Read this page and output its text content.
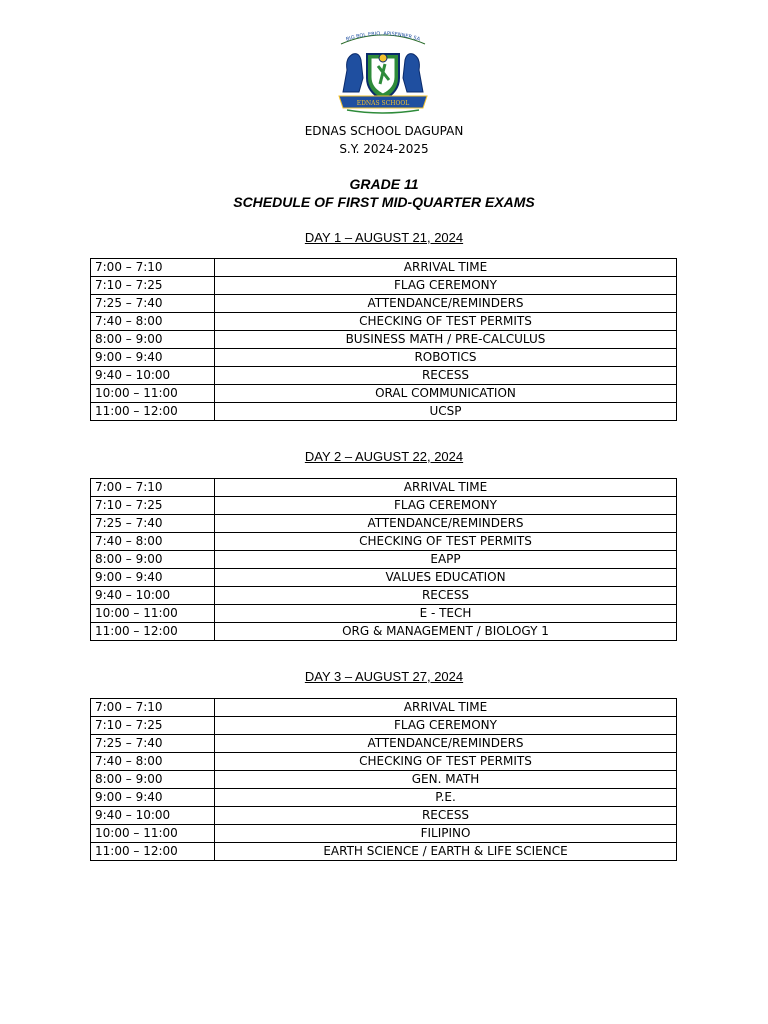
BIG BOI, ERIO, APISENNER SA
EDNAS SCHOOL
EDNAS SCHOOL DAGUPAN
S.Y. 2024-2025
GRADE 11
SCHEDULE OF FIRST MID-QUARTER EXAMS
DAY 1 – AUGUST 21, 2024
7:00 – 7:10	ARRIVAL TIME
7:10 – 7:25	FLAG CEREMONY
7:25 – 7:40	ATTENDANCE/REMINDERS
7:40 – 8:00	CHECKING OF TEST PERMITS
8:00 – 9:00	BUSINESS MATH / PRE-CALCULUS
9:00 – 9:40	ROBOTICS
9:40 – 10:00	RECESS
10:00 – 11:00	ORAL COMMUNICATION
11:00 – 12:00	UCSP
DAY 2 – AUGUST 22, 2024
7:00 – 7:10	ARRIVAL TIME
7:10 – 7:25	FLAG CEREMONY
7:25 – 7:40	ATTENDANCE/REMINDERS
7:40 – 8:00	CHECKING OF TEST PERMITS
8:00 – 9:00	EAPP
9:00 – 9:40	VALUES EDUCATION
9:40 – 10:00	RECESS
10:00 – 11:00	E - TECH
11:00 – 12:00	ORG & MANAGEMENT / BIOLOGY 1
DAY 3 – AUGUST 27, 2024
7:00 – 7:10	ARRIVAL TIME
7:10 – 7:25	FLAG CEREMONY
7:25 – 7:40	ATTENDANCE/REMINDERS
7:40 – 8:00	CHECKING OF TEST PERMITS
8:00 – 9:00	GEN. MATH
9:00 – 9:40	P.E.
9:40 – 10:00	RECESS
10:00 – 11:00	FILIPINO
11:00 – 12:00	EARTH SCIENCE / EARTH & LIFE SCIENCE
